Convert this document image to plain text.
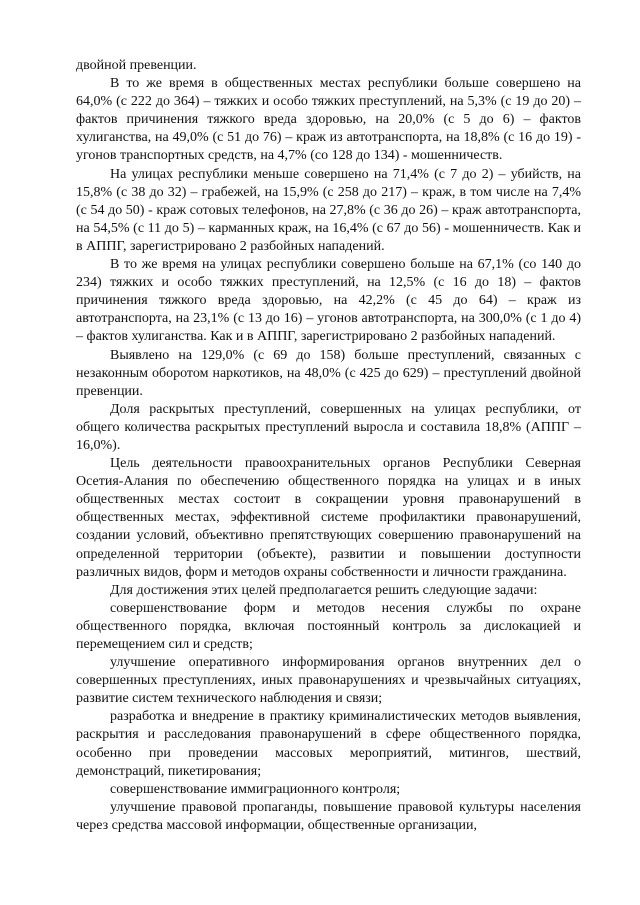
двойной превенции.

В то же время в общественных местах республики больше совершено на 64,0% (с 222 до 364) – тяжких и особо тяжких преступлений, на 5,3% (с 19 до 20) – фактов причинения тяжкого вреда здоровью, на 20,0% (с 5 до 6) – фактов хулиганства, на 49,0% (с 51 до 76) – краж из автотранспорта, на 18,8% (с 16 до 19) - угонов транспортных средств, на 4,7% (со 128 до 134) - мошенничеств.

На улицах республики меньше совершено на 71,4% (с 7 до 2) – убийств, на 15,8% (с 38 до 32) – грабежей, на 15,9% (с 258 до 217) – краж, в том числе на 7,4% (с 54 до 50) - краж сотовых телефонов, на 27,8% (с 36 до 26) – краж автотранспорта, на 54,5% (с 11 до 5) – карманных краж, на 16,4% (с 67 до 56) - мошенничеств. Как и в АППГ, зарегистрировано 2 разбойных нападений.

В то же время на улицах республики совершено больше на 67,1% (со 140 до 234) тяжких и особо тяжких преступлений, на 12,5% (с 16 до 18) – фактов причинения тяжкого вреда здоровью, на 42,2% (с 45 до 64) – краж из автотранспорта, на 23,1% (с 13 до 16) – угонов автотранспорта, на 300,0% (с 1 до 4) – фактов хулиганства. Как и в АППГ, зарегистрировано 2 разбойных нападений.

Выявлено на 129,0% (с 69 до 158) больше преступлений, связанных с незаконным оборотом наркотиков, на 48,0% (с 425 до 629) – преступлений двойной превенции.

Доля раскрытых преступлений, совершенных на улицах республики, от общего количества раскрытых преступлений выросла и составила 18,8% (АППГ – 16,0%).

Цель деятельности правоохранительных органов Республики Северная Осетия-Алания по обеспечению общественного порядка на улицах и в иных общественных местах состоит в сокращении уровня правонарушений в общественных местах, эффективной системе профилактики правонарушений, создании условий, объективно препятствующих совершению правонарушений на определенной территории (объекте), развитии и повышении доступности различных видов, форм и методов охраны собственности и личности гражданина.

Для достижения этих целей предполагается решить следующие задачи:

совершенствование форм и методов несения службы по охране общественного порядка, включая постоянный контроль за дислокацией и перемещением сил и средств;

улучшение оперативного информирования органов внутренних дел о совершенных преступлениях, иных правонарушениях и чрезвычайных ситуациях, развитие систем технического наблюдения и связи;

разработка и внедрение в практику криминалистических методов выявления, раскрытия и расследования правонарушений в сфере общественного порядка, особенно при проведении массовых мероприятий, митингов, шествий, демонстраций, пикетирования;

совершенствование иммиграционного контроля;

улучшение правовой пропаганды, повышение правовой культуры населения через средства массовой информации, общественные организации,
